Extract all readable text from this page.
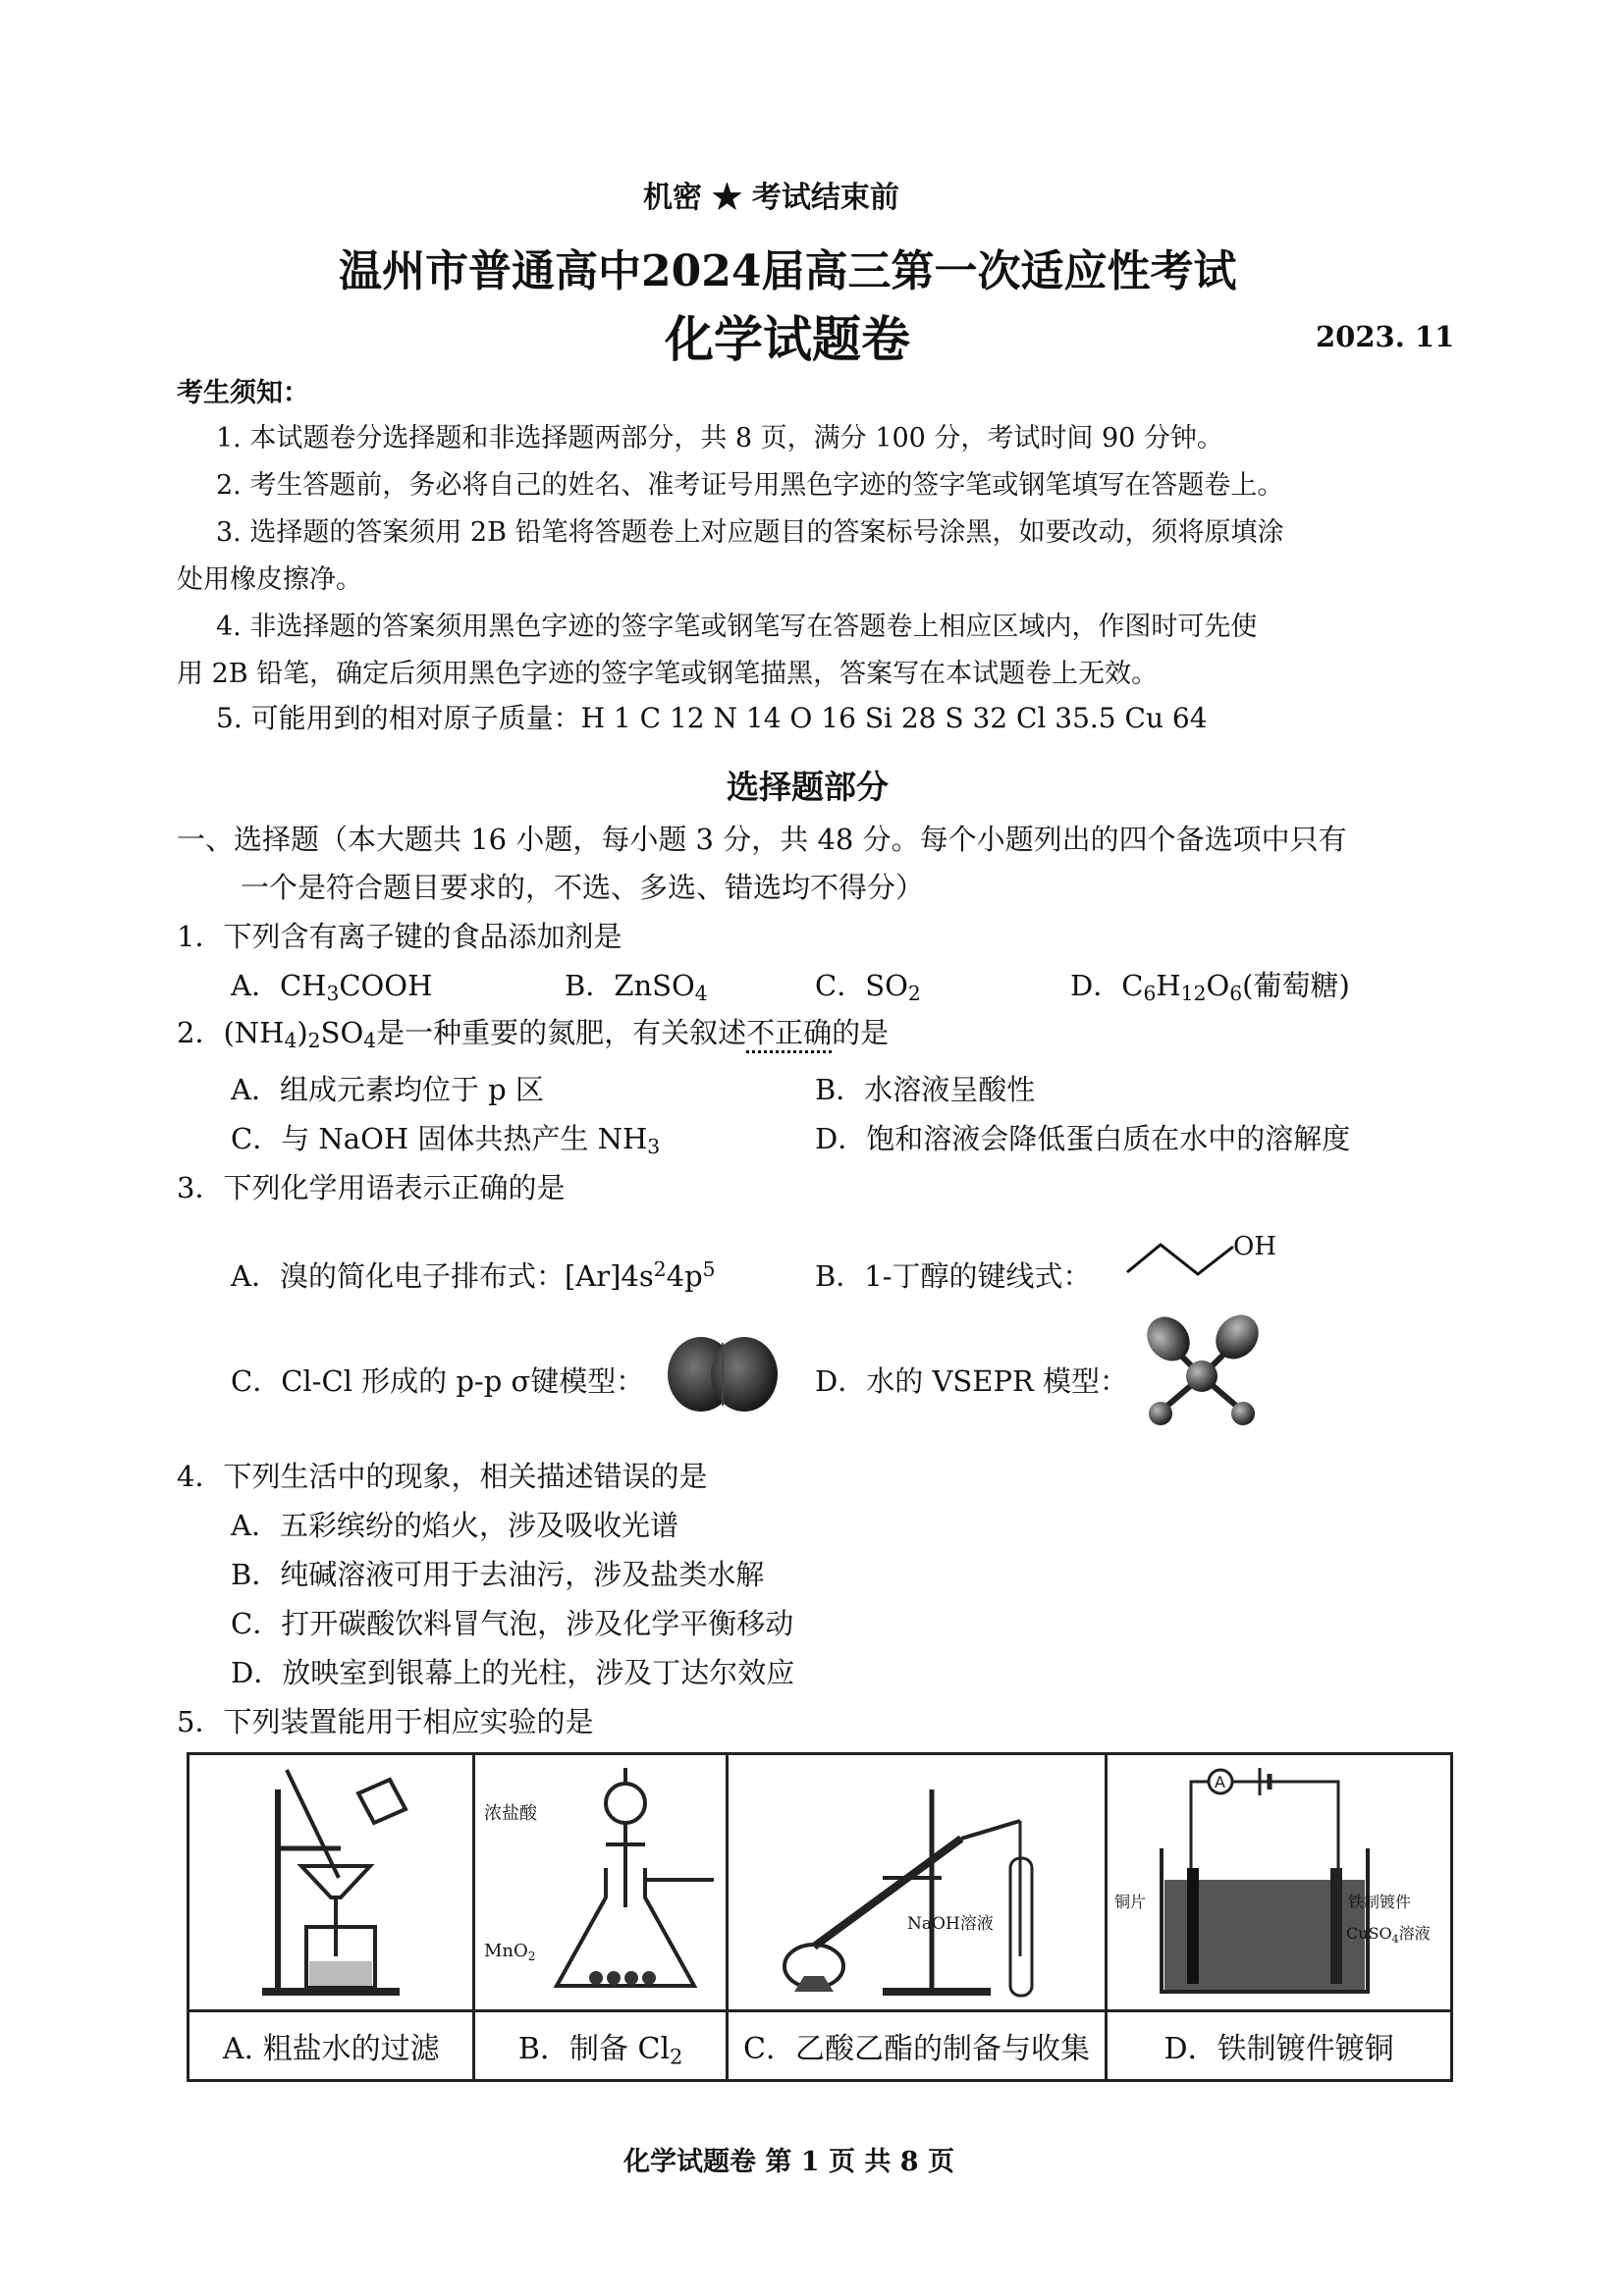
机密 ★ 考试结束前
温州市普通高中2024届高三第一次适应性考试
化学试题卷	2023. 11
考生须知：
1. 本试题卷分选择题和非选择题两部分，共 8 页，满分 100 分，考试时间 90 分钟。
2. 考生答题前，务必将自己的姓名、准考证号用黑色字迹的签字笔或钢笔填写在答题卷上。
3. 选择题的答案须用 2B 铅笔将答题卷上对应题目的答案标号涂黑，如要改动，须将原填涂
处用橡皮擦净。
4. 非选择题的答案须用黑色字迹的签字笔或钢笔写在答题卷上相应区域内，作图时可先使
用 2B 铅笔，确定后须用黑色字迹的签字笔或钢笔描黑，答案写在本试题卷上无效。
5. 可能用到的相对原子质量：H 1 C 12 N 14 O 16 Si 28 S 32 Cl 35.5 Cu 64
选择题部分
一、选择题（本大题共 16 小题，每小题 3 分，共 48 分。每个小题列出的四个备选项中只有
一个是符合题目要求的，不选、多选、错选均不得分）
1．下列含有离子键的食品添加剂是
A．$CH_3COOH$	B．ZnSO$_4$	C．$SO_2$	D．$C_6H_{12}O_6$(葡萄糖)
2．$(NH_4)_2SO_4$是一种重要的氮肥，有关叙述不正确的是
A．组成元素均位于 p 区	B．水溶液呈酸性
C．与 NaOH 固体共热产生 $NH_3$	D．饱和溶液会降低蛋白质在水中的溶解度
3．下列化学用语表示正确的是
A．溴的简化电子排布式：$[Ar]4s^24p^5$	B．1-丁醇的键线式：
OH
C．Cl-Cl 形成的 p-p σ键模型：	D．水的 VSEPR 模型：
4．下列生活中的现象，相关描述错误的是
A．五彩缤纷的焰火，涉及吸收光谱
B．纯碱溶液可用于去油污，涉及盐类水解
C．打开碳酸饮料冒气泡，涉及化学平衡移动
D．放映室到银幕上的光柱，涉及丁达尔效应
5．下列装置能用于相应实验的是

浓盐酸
MnO$_2$	NaOH溶液	A
铜片 铁制镀件
CuSO$_4$溶液

A. 粗盐水的过滤	B．制备 $Cl_2$	C．乙酸乙酯的制备与收集	D．铁制镀件镀铜
化学试题卷 第 1 页 共 8 页
